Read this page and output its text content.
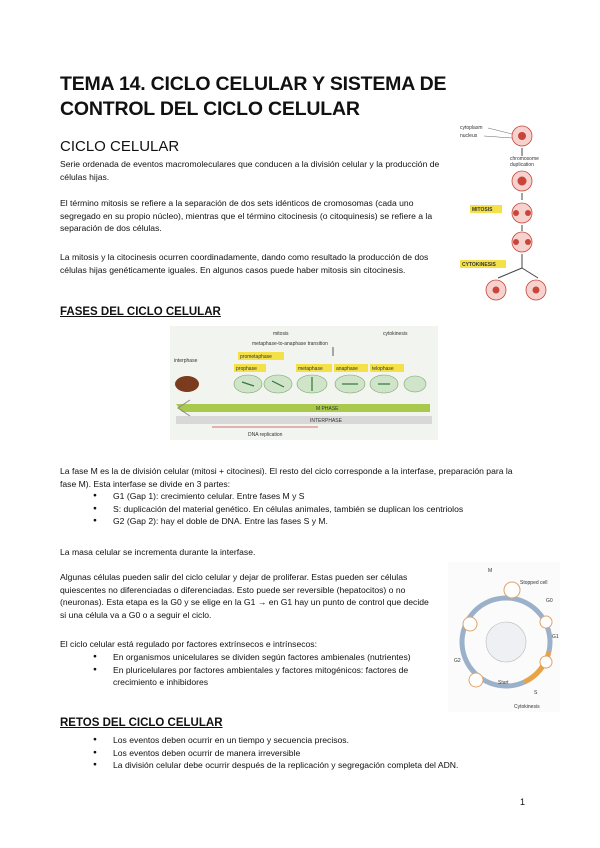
TEMA 14. CICLO CELULAR Y SISTEMA DE CONTROL DEL CICLO CELULAR
CICLO CELULAR

Serie ordenada de eventos macromoleculares que conducen a la división celular y la producción de células hijas.

El término mitosis se refiere a la separación de dos sets idénticos de cromosomas (cada uno segregado en su propio núcleo), mientras que el término citocinesis (o citoquinesis) se refiere a la separación de dos células.

La mitosis y la citocinesis ocurren coordinadamente, dando como resultado la producción de dos células hijas genéticamente iguales. En algunos casos puede haber mitosis sin citocinesis.

cytoplasm
nucleus
chromosome
duplication
MITOSIS
CYTOKINESIS
FASES DEL CICLO CELULAR
mitosis	cytokinesis
metaphase-to-anaphase transition
interphase
prometaphase
prophase	metaphase	anaphase	telophase
M PHASE
INTERPHASE
DNA replication

La fase M es la de división celular (mitosi + citocinesi). El resto del ciclo corresponde a la interfase, preparación para la fase M). Esta interfase se divide en 3 partes:

● G1 (Gap 1): crecimiento celular. Entre fases M y S
● S: duplicación del material genético. En células animales, también se duplican los centriolos
● G2 (Gap 2): hay el doble de DNA. Entre las fases S y M.

La masa celular se incrementa durante la interfase.

Algunas células pueden salir del ciclo celular y dejar de proliferar. Estas pueden ser células quiescentes no diferenciadas o diferenciadas. Esto puede ser reversible (hepatocitos) o no (neuronas). Esta etapa es la G0 y se elige en la G1 → en G1 hay un punto de control que decide si una célula va a G0 o a seguir el ciclo.

El ciclo celular está regulado por factores extrínsecos e intrínsecos:

● En organismos unicelulares se dividen según factores ambienales (nutrientes)
● En pluricelulares por factores ambientales y factores mitogénicos: factores de crecimiento e inhibidores
Stopped cell
G0
G1
S
G2
M
Start
Cytokinesis
RETOS DEL CICLO CELULAR
● Los eventos deben ocurrir en un tiempo y secuencia precisos.
● Los eventos deben ocurrir de manera irreversible
● La división celular debe ocurrir después de la replicación y segregación completa del ADN.
1
